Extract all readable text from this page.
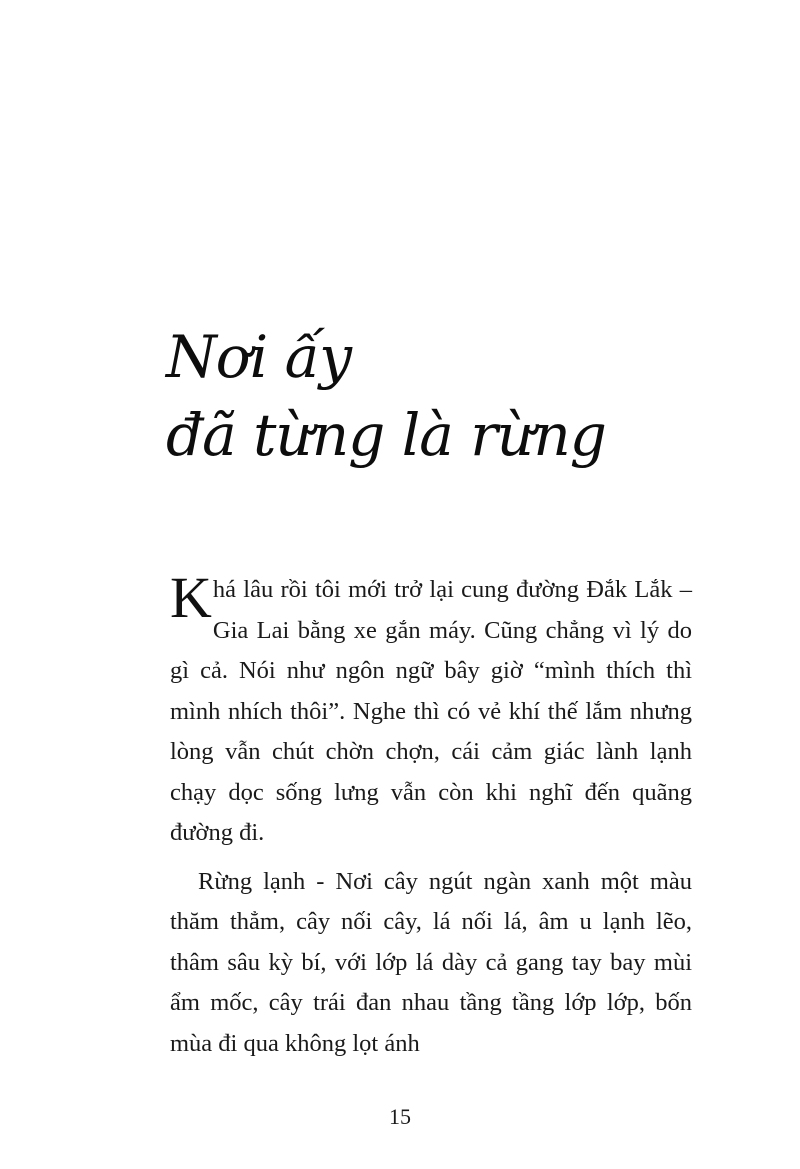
Nơi ấy
đã từng là rừng

Khá lâu rồi tôi mới trở lại cung đường Đắk Lắk – Gia Lai bằng xe gắn máy. Cũng chẳng vì lý do gì cả. Nói như ngôn ngữ bây giờ “mình thích thì mình nhích thôi”. Nghe thì có vẻ khí thế lắm nhưng lòng vẫn chút chờn chợn, cái cảm giác lành lạnh chạy dọc sống lưng vẫn còn khi nghĩ đến quãng đường đi.

Rừng lạnh - Nơi cây ngút ngàn xanh một màu thăm thẳm, cây nối cây, lá nối lá, âm u lạnh lẽo, thâm sâu kỳ bí, với lớp lá dày cả gang tay bay mùi ẩm mốc, cây trái đan nhau tầng tầng lớp lớp, bốn mùa đi qua không lọt ánh

15
